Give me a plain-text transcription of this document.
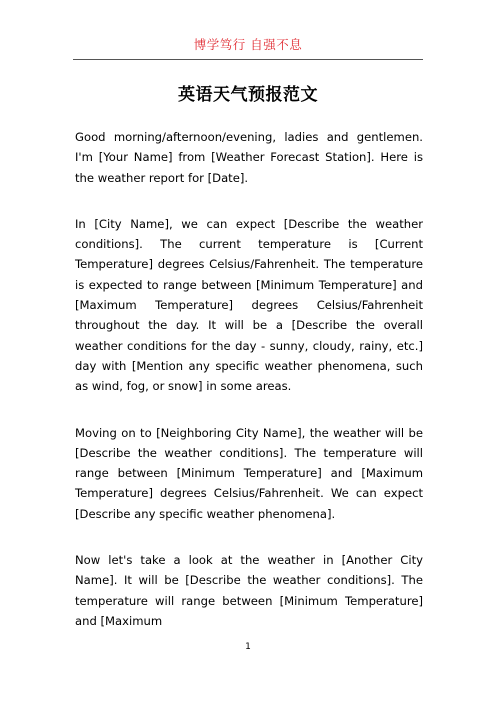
博学笃行 自强不息
英语天气预报范文

Good morning/afternoon/evening, ladies and gentlemen. I'm [Your Name] from [Weather Forecast Station]. Here is the weather report for [Date].

In [City Name], we can expect [Describe the weather conditions]. The current temperature is [Current Temperature] degrees Celsius/Fahrenheit. The temperature is expected to range between [Minimum Temperature] and [Maximum Temperature] degrees Celsius/Fahrenheit throughout the day. It will be a [Describe the overall weather conditions for the day - sunny, cloudy, rainy, etc.] day with [Mention any specific weather phenomena, such as wind, fog, or snow] in some areas.

Moving on to [Neighboring City Name], the weather will be [Describe the weather conditions]. The temperature will range between [Minimum Temperature] and [Maximum Temperature] degrees Celsius/Fahrenheit. We can expect [Describe any specific weather phenomena].

Now let's take a look at the weather in [Another City Name]. It will be [Describe the weather conditions]. The temperature will range between [Minimum Temperature] and [Maximum

1
